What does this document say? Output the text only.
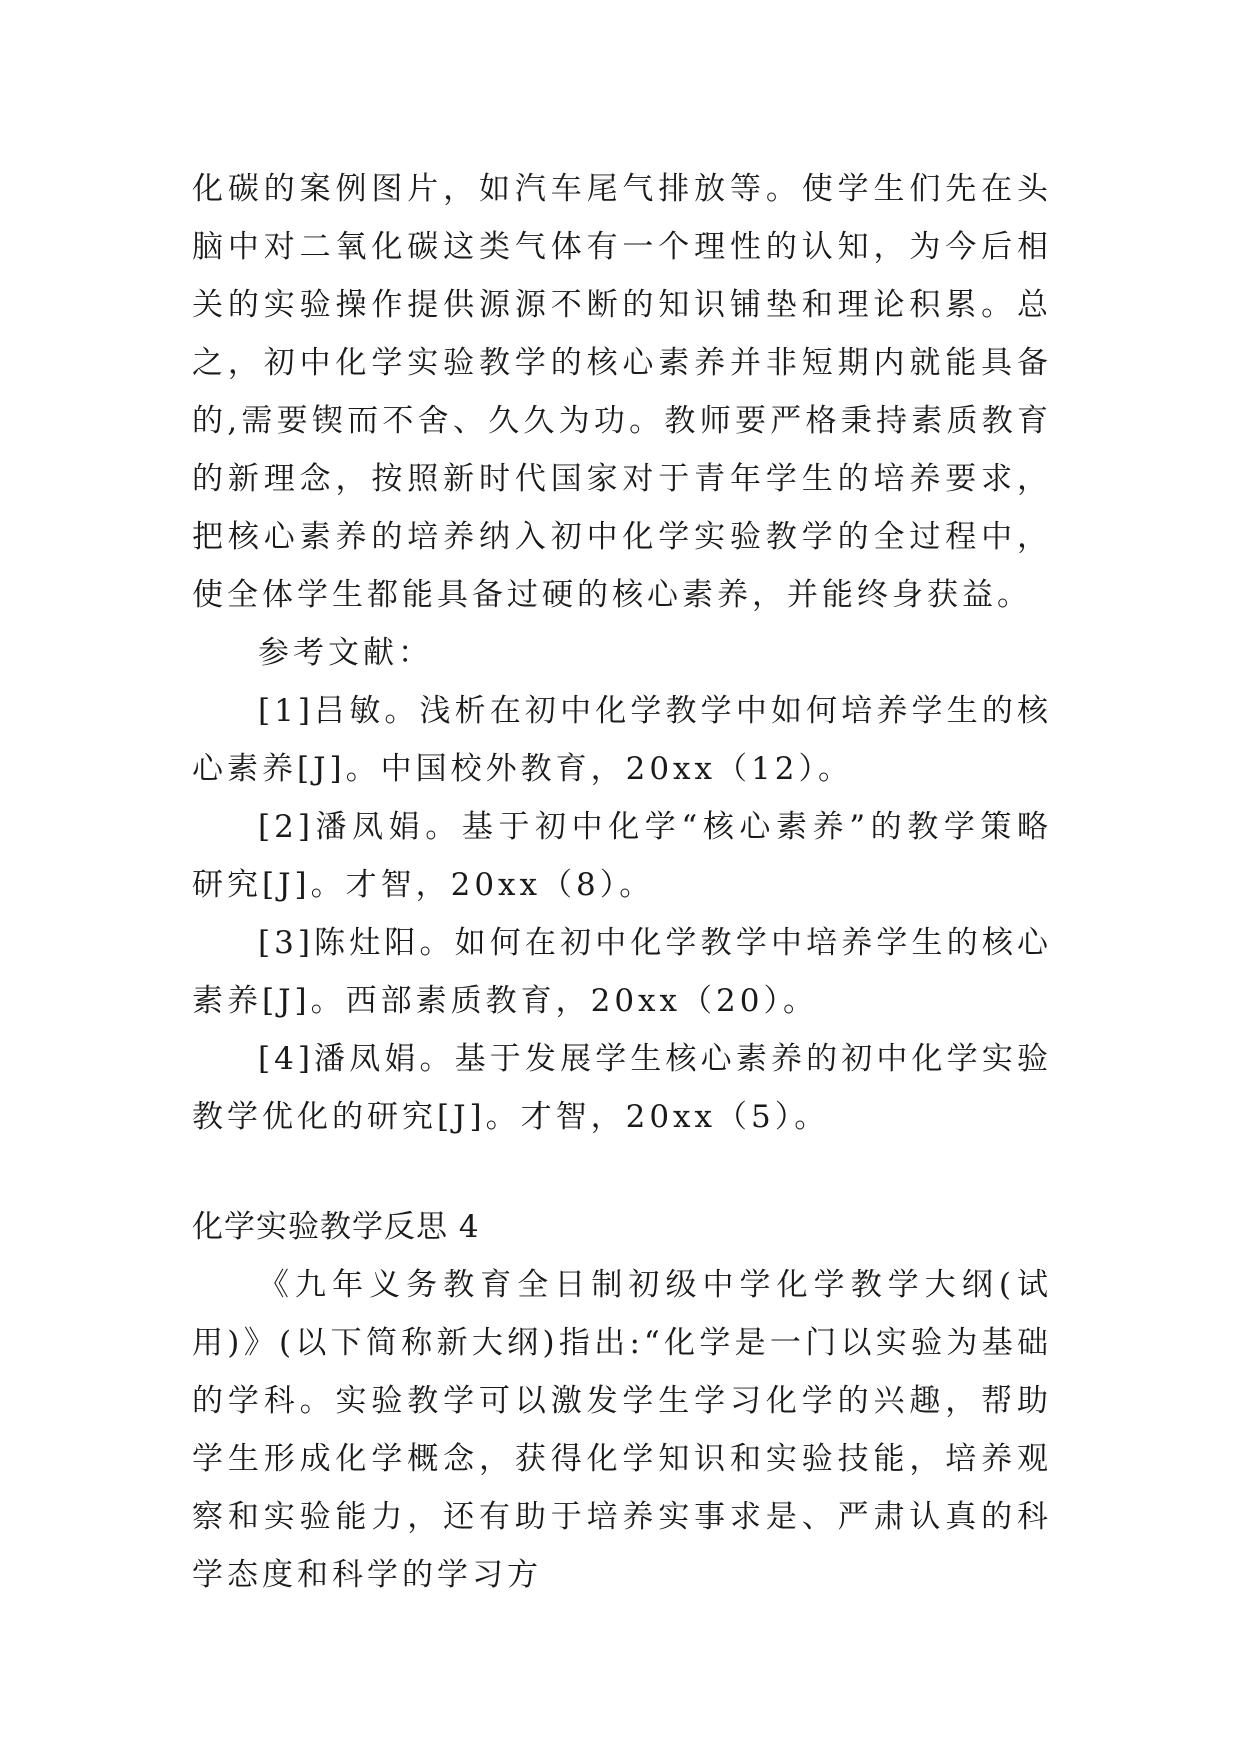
化碳的案例图片，如汽车尾气排放等。使学生们先在头脑中对二氧化碳这类气体有一个理性的认知，为今后相关的实验操作提供源源不断的知识铺垫和理论积累。总之，初中化学实验教学的核心素养并非短期内就能具备的,需要锲而不舍、久久为功。教师要严格秉持素质教育的新理念，按照新时代国家对于青年学生的培养要求，把核心素养的培养纳入初中化学实验教学的全过程中，使全体学生都能具备过硬的核心素养，并能终身获益。

参考文献：

[1]吕敏。浅析在初中化学教学中如何培养学生的核心素养[J]。中国校外教育，20xx（12）。

[2]潘凤娟。基于初中化学“核心素养”的教学策略研究[J]。才智，20xx（8）。

[3]陈灶阳。如何在初中化学教学中培养学生的核心素养[J]。西部素质教育，20xx（20）。

[4]潘凤娟。基于发展学生核心素养的初中化学实验教学优化的研究[J]。才智，20xx（5）。

化学实验教学反思 4

《九年义务教育全日制初级中学化学教学大纲(试用)》(以下简称新大纲)指出:“化学是一门以实验为基础的学科。实验教学可以激发学生学习化学的兴趣，帮助学生形成化学概念，获得化学知识和实验技能，培养观察和实验能力，还有助于培养实事求是、严肃认真的科学态度和科学的学习方
